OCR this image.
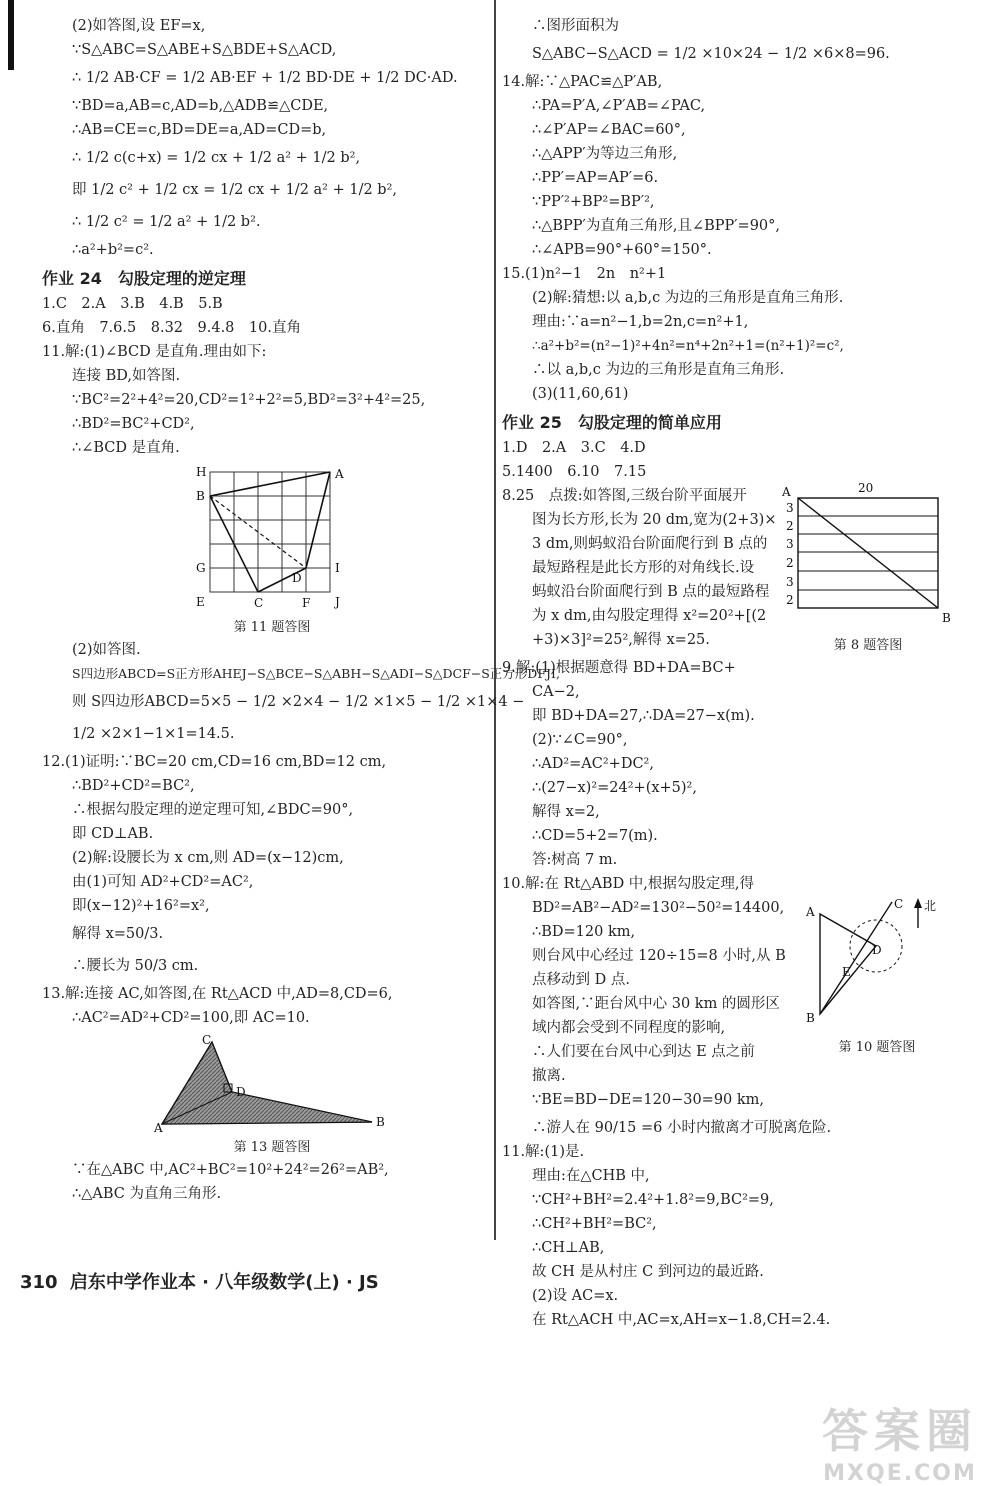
(2)如答图,设 EF=x,
∵S△ABC=S△ABE+S△BDE+S△ACD,
∴ 1/2 AB·CF = 1/2 AB·EF + 1/2 BD·DE + 1/2 DC·AD.
∵BD=a,AB=c,AD=b,△ADB≌△CDE,
∴AB=CE=c,BD=DE=a,AD=CD=b,
∴ 1/2 c(c+x) = 1/2 cx + 1/2 a² + 1/2 b²,
即 1/2 c² + 1/2 cx = 1/2 cx + 1/2 a² + 1/2 b²,
∴ 1/2 c² = 1/2 a² + 1/2 b².
∴a²+b²=c².
作业 24　勾股定理的逆定理
1.C　2.A　3.B　4.B　5.B
6.直角　7.6.5　8.32　9.4.8　10.直角
11.解:(1)∠BCD 是直角.理由如下:
连接 BD,如答图.
∵BC²=2²+4²=20,CD²=1²+2²=5,BD²=3²+4²=25,
∴BD²=BC²+CD²,
∴∠BCD 是直角.
H	A
B
G	I
D
E	C	F J
第 11 题答图
(2)如答图.
S四边形ABCD=S正方形AHEJ−S△BCE−S△ABH−S△ADI−S△DCF−S正方形DFJI,
则 S四边形ABCD=5×5 − 1/2 ×2×4 − 1/2 ×1×5 − 1/2 ×1×4 −
1/2 ×2×1−1×1=14.5.
12.(1)证明:∵BC=20 cm,CD=16 cm,BD=12 cm,
∴BD²+CD²=BC²,
∴根据勾股定理的逆定理可知,∠BDC=90°,
即 CD⊥AB.
(2)解:设腰长为 x cm,则 AD=(x−12)cm,
由(1)可知 AD²+CD²=AC²,
即(x−12)²+16²=x²,
解得 x=50/3.
∴腰长为 50/3 cm.
13.解:连接 AC,如答图,在 Rt△ACD 中,AD=8,CD=6,
∴AC²=AD²+CD²=100,即 AC=10.
C
D
A	B
第 13 题答图
∵在△ABC 中,AC²+BC²=10²+24²=26²=AB²,
∴△ABC 为直角三角形.
∴图形面积为
S△ABC−S△ACD = 1/2 ×10×24 − 1/2 ×6×8=96.
14.解:∵△PAC≌△P′AB,
∴PA=P′A,∠P′AB=∠PAC,
∴∠P′AP=∠BAC=60°,
∴△APP′为等边三角形,
∴PP′=AP=AP′=6.
∵PP′²+BP²=BP′²,
∴△BPP′为直角三角形,且∠BPP′=90°,
∴∠APB=90°+60°=150°.
15.(1)n²−1　2n　n²+1
(2)解:猜想:以 a,b,c 为边的三角形是直角三角形.
理由:∵a=n²−1,b=2n,c=n²+1,
∴a²+b²=(n²−1)²+4n²=n⁴+2n²+1=(n²+1)²=c²,
∴以 a,b,c 为边的三角形是直角三角形.
(3)(11,60,61)
作业 25　勾股定理的简单应用
1.D　2.A　3.C　4.D
5.1400　6.10　7.15
8.25　点拨:如答图,三级台阶平面展开
图为长方形,长为 20 dm,宽为(2+3)×
3 dm,则蚂蚁沿台阶面爬行到 B 点的
最短路程是此长方形的对角线长.设
蚂蚁沿台阶面爬行到 B 点的最短路程
为 x dm,由勾股定理得 x²=20²+[(2
+3)×3]²=25²,解得 x=25.
20
A
B
3
2
3
2
3
2
第 8 题答图
9.解:(1)根据题意得 BD+DA=BC+
CA−2,
即 BD+DA=27,∴DA=27−x(m).
(2)∵∠C=90°,
∴AD²=AC²+DC²,
∴(27−x)²=24²+(x+5)²,
解得 x=2,
∴CD=5+2=7(m).
答:树高 7 m.
10.解:在 Rt△ABD 中,根据勾股定理,得
BD²=AB²−AD²=130²−50²=14400,
∴BD=120 km,
则台风中心经过 120÷15=8 小时,从 B
点移动到 D 点.
如答图,∵距台风中心 30 km 的圆形区
域内都会受到不同程度的影响,
∴人们要在台风中心到达 E 点之前
撤离.
∵BE=BD−DE=120−30=90 km,
∴游人在 90/15 =6 小时内撤离才可脱离危险.
A
B
C
D
E
北
第 10 题答图
11.解:(1)是.
理由:在△CHB 中,
∵CH²+BH²=2.4²+1.8²=9,BC²=9,
∴CH²+BH²=BC²,
∴CH⊥AB,
故 CH 是从村庄 C 到河边的最近路.
(2)设 AC=x.
在 Rt△ACH 中,AC=x,AH=x−1.8,CH=2.4.
310 启东中学作业本 · 八年级数学(上) · JS
答案圈
MXQE.COM
